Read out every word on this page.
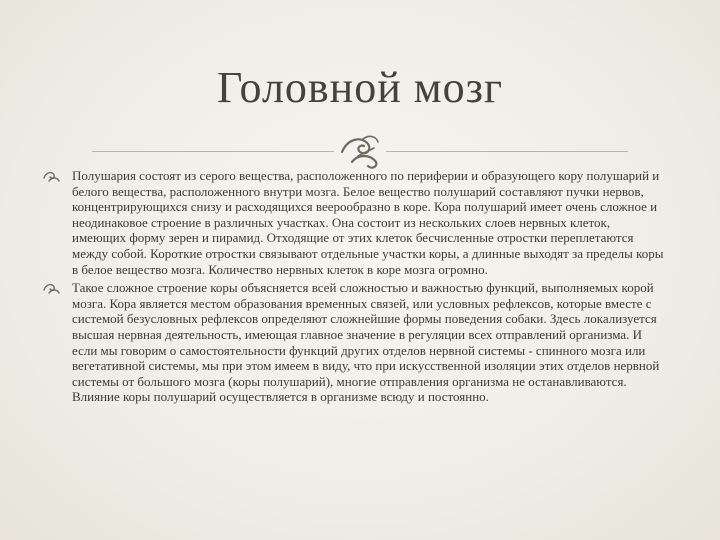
Головной мозг

Полушария состоят из серого вещества, расположенного по периферии и образующего кору полушарий и белого вещества, расположенного внутри мозга. Белое вещество полушарий составляют пучки нервов, концентрирующихся снизу и расходящихся веерообразно в коре. Кора полушарий имеет очень сложное и неодинаковое строение в различных участках. Она состоит из нескольких слоев нервных клеток, имеющих форму зерен и пирамид. Отходящие от этих клеток бесчисленные отростки переплетаются между собой. Короткие отростки связывают отдельные участки коры, а длинные выходят за пределы коры в белое вещество мозга. Количество нервных клеток в коре мозга огромно.

Такое сложное строение коры объясняется всей сложностью и важностью функций, выполняемых корой мозга. Кора является местом образования временных связей, или условных рефлексов, которые вместе с системой безусловных рефлексов определяют сложнейшие формы поведения собаки. Здесь локализуется высшая нервная деятельность, имеющая главное значение в регуляции всех отправлений организма. И если мы говорим о самостоятельности функций других отделов нервной системы - спинного мозга или вегетативной системы, мы при этом имеем в виду, что при искусственной изоляции этих отделов нервной системы от большого мозга (коры полушарий), многие отправления организма не останавливаются. Влияние коры полушарий осуществляется в организме всюду и постоянно.
